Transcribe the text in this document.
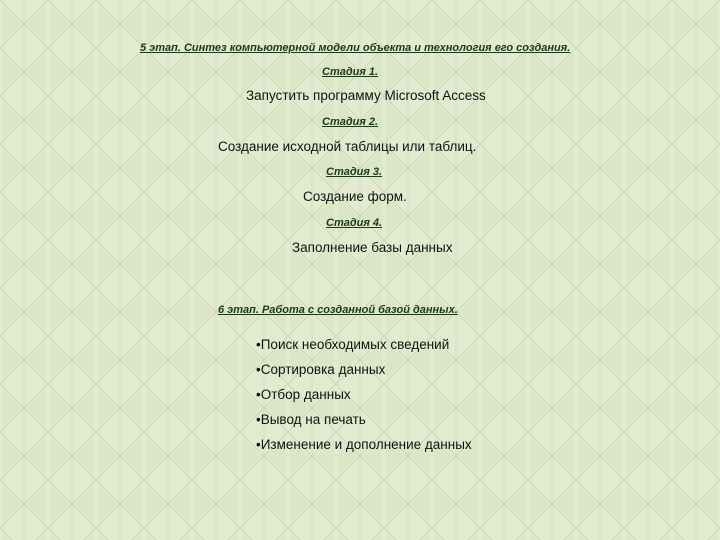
5 этап. Синтез компьютерной модели объекта и технология его создания.
Стадия 1.
Запустить программу Microsoft Access
Стадия 2.
Создание исходной таблицы или таблиц.
Стадия 3.
Создание форм.
Стадия 4.
Заполнение базы данных
6 этап. Работа с созданной базой данных.
•Поиск необходимых сведений
•Сортировка данных
•Отбор данных
•Вывод на печать
•Изменение и дополнение данных
